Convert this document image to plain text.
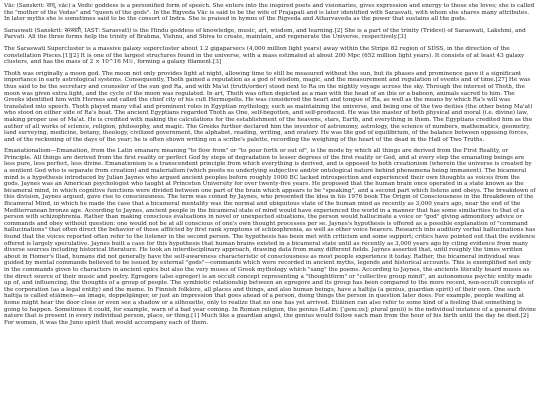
Vāc (Sanskrit: वाच्, vāc) a Vedic goddess is a personified form of speech. She enters into the inspired poets and visionaries, gives expression and energy to those she loves; she is called the "mother of the Vedas" and "queen of the gods". In the Rigveda Vāc is said to be the wife of Prajapati and is later identified with Sarasvati, with whom she shares many attributes. In later myths she is sometimes said to be the consort of Indra. She is praised in hymns of the Rigveda and Atharvaveda as the power that sustains all the gods.

Saraswati (Sanskrit: सरस्वती, IAST: Sarasvatī) is the Hindu goddess of knowledge, music, art, wisdom, and learning.[2] She is a part of the trinity (Tridevi) of Saraswati, Lakshmi, and Parvati. All the three forms help the trinity of Brahma, Vishnu, and Shiva to create, maintain, and regenerate the Universe, respectively.[3]

The Saraswati Supercluster is a massive galaxy supercluster about 1.2 gigaparsecs (4,000 million light years) away within the Stripe 82 region of SDSS, in the direction of the constellation Pisces.[1][2] It is one of the largest structures found in the universe, with a mass estimated at about 200 Mpc (652 million light years). It consists of at least 43 galaxy clusters, and has the mass of 2 × 10^16 M☉, forming a galaxy filament.[3]

Thoth was originally a moon god. The moon not only provides light at night, allowing time to still be measured without the sun, but its phases and prominence gave it a significant importance in early astrological systems. Consequently, Thoth gained a reputation as a god of wisdom, magic, and the measurement and regulation of events and of time.[27] He was thus said to be the secretary and counselor of the sun god Ra, and with Ma'at (truth/order) stood next to Ra on the nightly voyage across the sky. Through the interest of Thoth, the moon was given extra light, and the cycle of the moon was regulated. In art, Thoth was often depicted as a man with the head of an ibis or a baboon, animals sacred to him. The Greeks identified him with Hermes and called the chief city of his cult Hermopolis. He was considered the heart and tongue of Ra, as well as the means by which Ra's will was translated into speech. Thoth played many vital and prominent roles in Egyptian mythology, such as maintaining the universe, and being one of the two deities (the other being Ma'at) who stood on either side of Ra's boat. The ancient Egyptians regarded Thoth as One, self-begotten, and self-produced. He was the master of both physical and moral (i.e. divine) law, making proper use of Ma'at. He is credited with making the calculations for the establishment of the heavens, stars, Earth, and everything in them. The Egyptians credited him as the author of all works of science, religion, philosophy, and magic. The Greeks further declared him the inventor of astronomy, astrology, the science of numbers, mathematics, geometry, land surveying, medicine, botany, theology, civilized government, the alphabet, reading, writing, and oratory. He was the god of equilibrium, of the balance between opposing forces, and of the reckoning of the days of the year; he is often shown writing on a scribe's palette, recording the weighing of the heart of the dead in the Hall of Two Truths.

Emanationalism—Emanation, from the Latin emanare meaning "to flow from" or "to pour forth or out of", is the mode by which all things are derived from the First Reality, or Principle. All things are derived from the first reality or perfect God by steps of degradation to lesser degrees of the first reality or God, and at every step the emanating beings are less pure, less perfect, less divine. Emanationism is a transcendent principle from which everything is derived, and is opposed to both creationism (wherein the universe is created by a sentient God who is separate from creation) and materialism (which posits no underlying subjective and/or ontological nature behind phenomena being immanent). The bicameral mind is a hypothesis introduced by Julian Jaynes who argued ancient peoples before roughly 1000 BC lacked introspection and experienced their own thoughts as voices from the gods. Jaynes was an American psychologist who taught at Princeton University for over twenty-five years. He proposed that the human brain once operated in a state known as the bicameral mind, in which cognitive functions were divided between one part of the brain which appears to be "speaking", and a second part which listens and obeys. The breakdown of this division, Jaynes argued, gave rise to consciousness. The term was coined by Jaynes, who presented the idea in his 1976 book The Origin of Consciousness in the Breakdown of the Bicameral Mind, in which he made the case that a bicameral mentality was the normal and ubiquitous state of the human mind as recently as 3,000 years ago, near the end of the Mediterranean bronze age. According to Jaynes, ancient people in the bicameral state of mind would have experienced the world in a manner that has some similarities to that of a person with schizophrenia. Rather than making conscious evaluations in novel or unexpected situations, the person would hallucinate a voice or "god" giving admonitory advice or commands and obey without question: one would not be at all conscious of one's own thought processes per se. Jaynes's hypothesis is offered as a possible explanation of "command hallucinations" that often direct the behavior of those afflicted by first rank symptoms of schizophrenia, as well as other voice hearers. Research into auditory verbal hallucinations has found that the voices reported often refer to the listener in the second person. The hypothesis has been met with criticism and some support; critics have pointed out that the evidence offered is largely speculative. Jaynes built a case for this hypothesis that human brains existed in a bicameral state until as recently as 3,000 years ago by citing evidence from many diverse sources including historical literature. He took an interdisciplinary approach, drawing data from many different fields. Jaynes asserted that, until roughly the times written about in Homer's Iliad, humans did not generally have the self-awareness characteristic of consciousness as most people experience it today. Rather, the bicameral individual was guided by mental commands believed to be issued by external "gods"—commands which were recorded in ancient myths, legends and historical accounts. This is exemplified not only in the commands given to characters in ancient epics but also the very muses of Greek mythology which "sang" the poems. According to Jaynes, the ancients literally heard muses as the direct source of their music and poetry. Egregore (also egregor) is an occult concept representing a "thoughtform" or "collective group mind", an autonomous psychic entity made up of, and influencing, the thoughts of a group of people. The symbiotic relationship between an egregore and its group has been compared to the more recent, non-occult concepts of the corporation (as a legal entity) and the meme. In Finnish folklore, all places and things, and also human beings, have a haltija (a genius, guardian spirit) of their own. One such haltija is called etiäinen—an image, doppelgänger, or just an impression that goes ahead of a person, doing things the person in question later does. For example, people waiting at home might hear the door close or even see a shadow or a silhouette, only to realize that no one has yet arrived. Etiäinen can also refer to some kind of a feeling that something is going to happen. Sometimes it could, for example, warn of a bad year coming. In Roman religion, the genius (Latin: [ˈɡenɪ.ʊs]; plural genii) is the individual instance of a general divine nature that is present in every individual person, place, or thing.[1] Much like a guardian angel, the genius would follow each man from the hour of his birth until the day he died.[2] For women, it was the Juno spirit that would accompany each of them.
